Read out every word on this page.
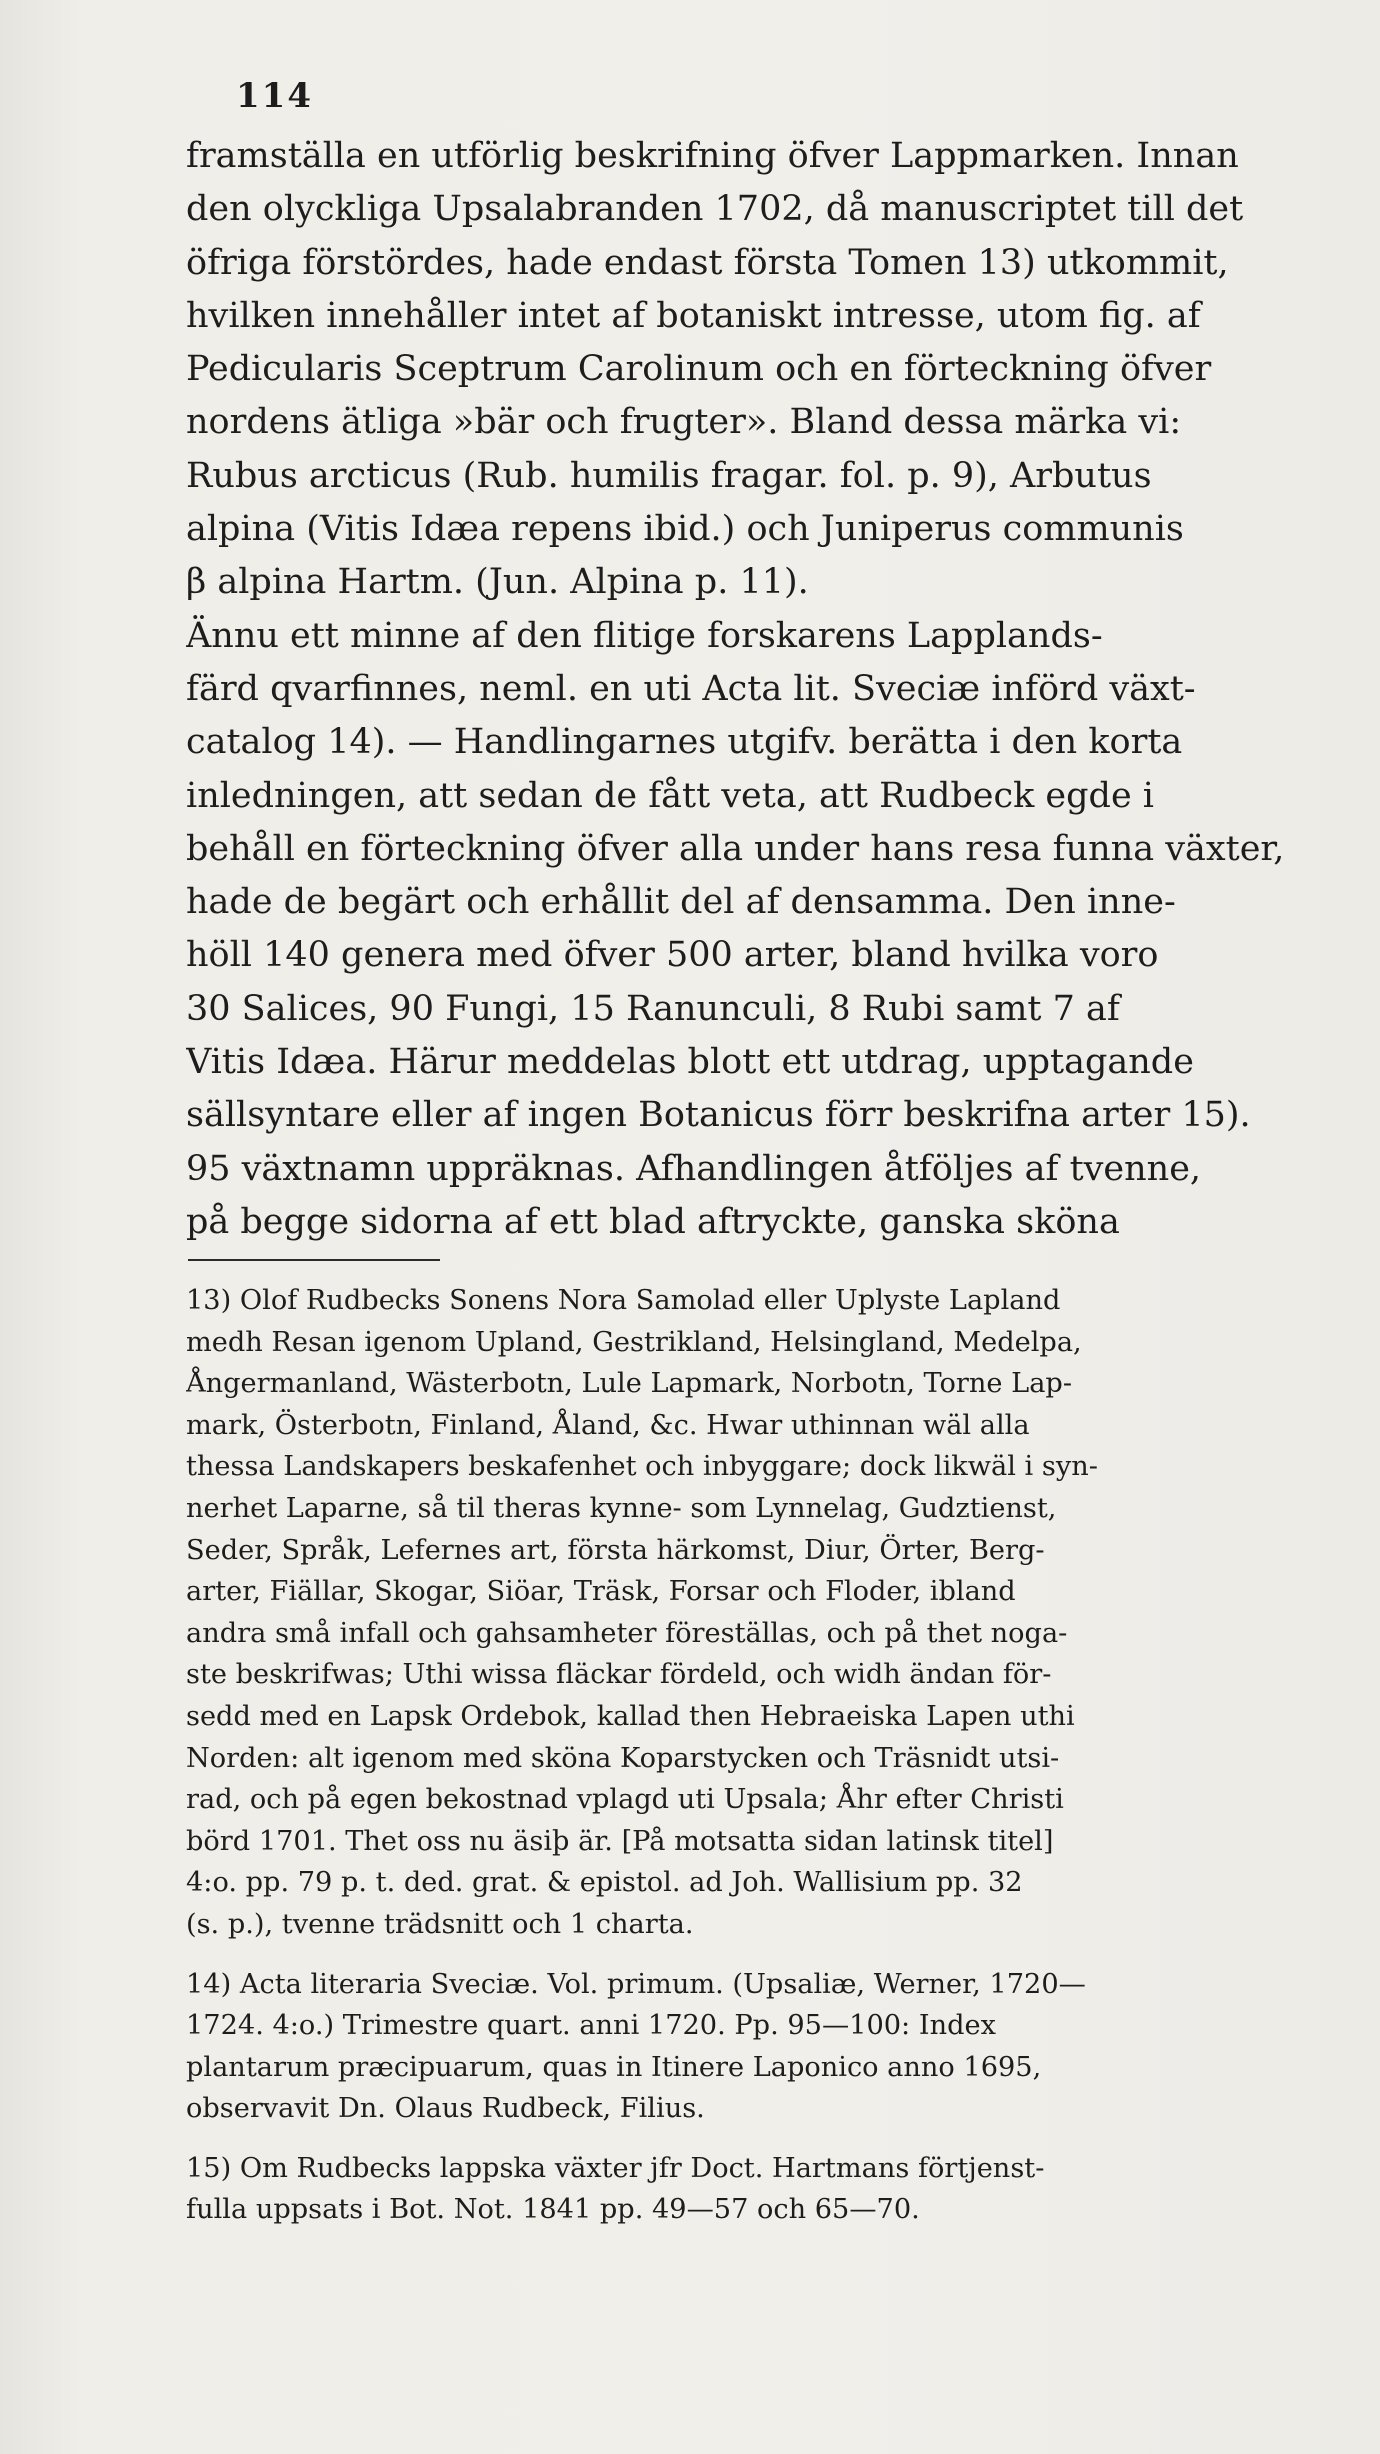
114
framställa en utförlig beskrifning öfver Lappmarken. Innan
den olyckliga Upsalabranden 1702, då manuscriptet till det
öfriga förstördes, hade endast första Tomen 13) utkommit,
hvilken innehåller intet af botaniskt intresse, utom fig. af
Pedicularis Sceptrum Carolinum och en förteckning öfver
nordens ätliga »bär och frugter». Bland dessa märka vi:
Rubus arcticus (Rub. humilis fragar. fol. p. 9), Arbutus
alpina (Vitis Idæa repens ibid.) och Juniperus communis
β alpina Hartm. (Jun. Alpina p. 11).
Ännu ett minne af den flitige forskarens Lapplands-
färd qvarfinnes, neml. en uti Acta lit. Sveciæ införd växt-
catalog 14). — Handlingarnes utgifv. berätta i den korta
inledningen, att sedan de fått veta, att Rudbeck egde i
behåll en förteckning öfver alla under hans resa funna växter,
hade de begärt och erhållit del af densamma. Den inne-
höll 140 genera med öfver 500 arter, bland hvilka voro
30 Salices, 90 Fungi, 15 Ranunculi, 8 Rubi samt 7 af
Vitis Idæa. Härur meddelas blott ett utdrag, upptagande
sällsyntare eller af ingen Botanicus förr beskrifna arter 15).
95 växtnamn uppräknas. Afhandlingen åtföljes af tvenne,
på begge sidorna af ett blad aftryckte, ganska sköna
13) Olof Rudbecks Sonens Nora Samolad eller Uplyste Lapland
medh Resan igenom Upland, Gestrikland, Helsingland, Medelpa,
Ångermanland, Wästerbotn, Lule Lapmark, Norbotn, Torne Lap-
mark, Österbotn, Finland, Åland, &c. Hwar uthinnan wäl alla
thessa Landskapers beskafenhet och inbyggare; dock likwäl i syn-
nerhet Laparne, så til theras kynne- som Lynnelag, Gudztienst,
Seder, Språk, Lefernes art, första härkomst, Diur, Örter, Berg-
arter, Fiällar, Skogar, Siöar, Träsk, Forsar och Floder, ibland
andra små infall och gahsamheter föreställas, och på thet noga-
ste beskrifwas; Uthi wissa fläckar fördeld, och widh ändan för-
sedd med en Lapsk Ordebok, kallad then Hebraeiska Lapen uthi
Norden: alt igenom med sköna Koparstycken och Träsnidt utsi-
rad, och på egen bekostnad vplagd uti Upsala; Åhr efter Christi
börd 1701. Thet oss nu äsiþ är. [På motsatta sidan latinsk titel]
4:o. pp. 79 p. t. ded. grat. & epistol. ad Joh. Wallisium pp. 32
(s. p.), tvenne trädsnitt och 1 charta.
14) Acta literaria Sveciæ. Vol. primum. (Upsaliæ, Werner, 1720—
1724. 4:o.) Trimestre quart. anni 1720. Pp. 95—100: Index
plantarum præcipuarum, quas in Itinere Laponico anno 1695,
observavit Dn. Olaus Rudbeck, Filius.
15) Om Rudbecks lappska växter jfr Doct. Hartmans förtjenst-
fulla uppsats i Bot. Not. 1841 pp. 49—57 och 65—70.
